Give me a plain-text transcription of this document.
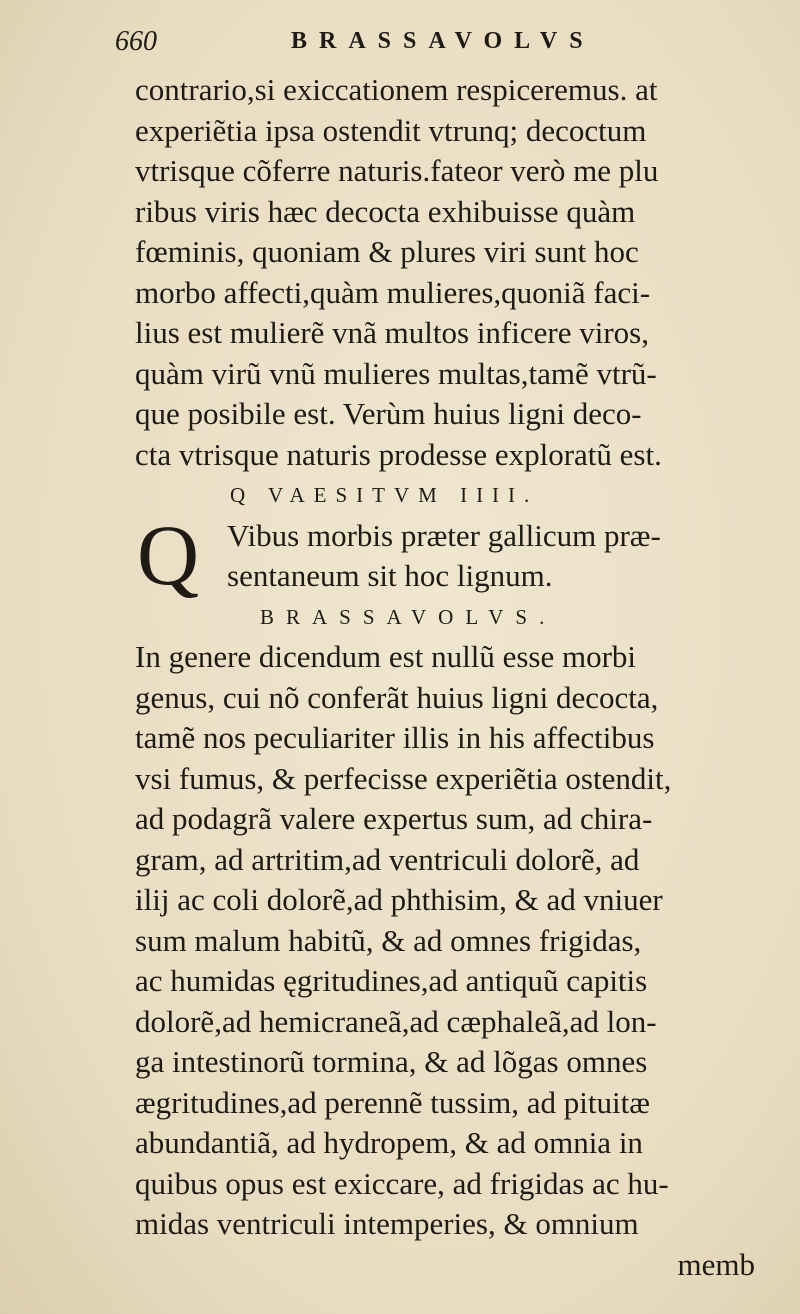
660	BRASSAVOLVS
contrario,si exiccationem respiceremus. at
experiẽtia ipsa ostendit vtrunq; decoctum
vtrisque cõferre naturis.fateor verò me plu
ribus viris hæc decocta exhibuisse quàm
fœminis, quoniam & plures viri sunt hoc
morbo affecti,quàm mulieres,quoniã faci-
lius est mulierẽ vnã multos inficere viros,
quàm virũ vnũ mulieres multas,tamẽ vtrũ-
que posibile est. Verùm huius ligni deco-
cta vtrisque naturis prodesse exploratũ est.
Q VAESITVM IIII.
Q Vibus morbis præter gallicum præ-
sentaneum sit hoc lignum.
BRASSAVOLVS.
In genere dicendum est nullũ esse morbi
genus, cui nõ conferãt huius ligni decocta,
tamẽ nos peculiariter illis in his affectibus
vsi fumus, & perfecisse experiẽtia ostendit,
ad podagrã valere expertus sum, ad chira-
gram, ad artritim,ad ventriculi dolorẽ, ad
ilij ac coli dolorẽ,ad phthisim, & ad vniuer
sum malum habitũ, & ad omnes frigidas,
ac humidas ęgritudines,ad antiquũ capitis
dolorẽ,ad hemicraneã,ad cæphaleã,ad lon-
ga intestinorũ tormina, & ad lõgas omnes
ægritudines,ad perennẽ tussim, ad pituitæ
abundantiã, ad hydropem, & ad omnia in
quibus opus est exiccare, ad frigidas ac hu-
midas ventriculi intemperies, & omnium
memb
